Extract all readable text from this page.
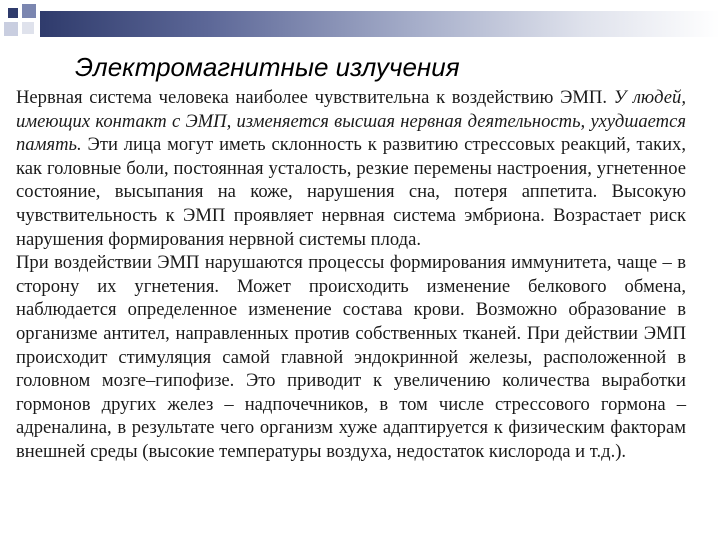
Электромагнитные излучения

Нервная система человека наиболее чувствительна к воздействию ЭМП. У людей, имеющих контакт с ЭМП, изменяется высшая нервная деятельность, ухудшается память. Эти лица могут иметь склонность к развитию стрессовых реакций, таких, как головные боли, постоянная усталость, резкие перемены настроения, угнетенное состояние, высыпания на коже, нарушения сна, потеря аппетита. Высокую чувствительность к ЭМП проявляет нервная система эмбриона. Возрастает риск нарушения формирования нервной системы плода.

При воздействии ЭМП нарушаются процессы формирования иммунитета, чаще – в сторону их угнетения. Может происходить изменение белкового обмена, наблюдается определенное изменение состава крови. Возможно образование в организме антител, направленных против собственных тканей. При действии ЭМП происходит стимуляция самой главной эндокринной железы, расположенной в головном мозге–гипофизе. Это приводит к увеличению количества выработки гормонов других желез – надпочечников, в том числе стрессового гормона – адреналина, в результате чего организм хуже адаптируется к физическим факторам внешней среды (высокие температуры воздуха, недостаток кислорода и т.д.).
